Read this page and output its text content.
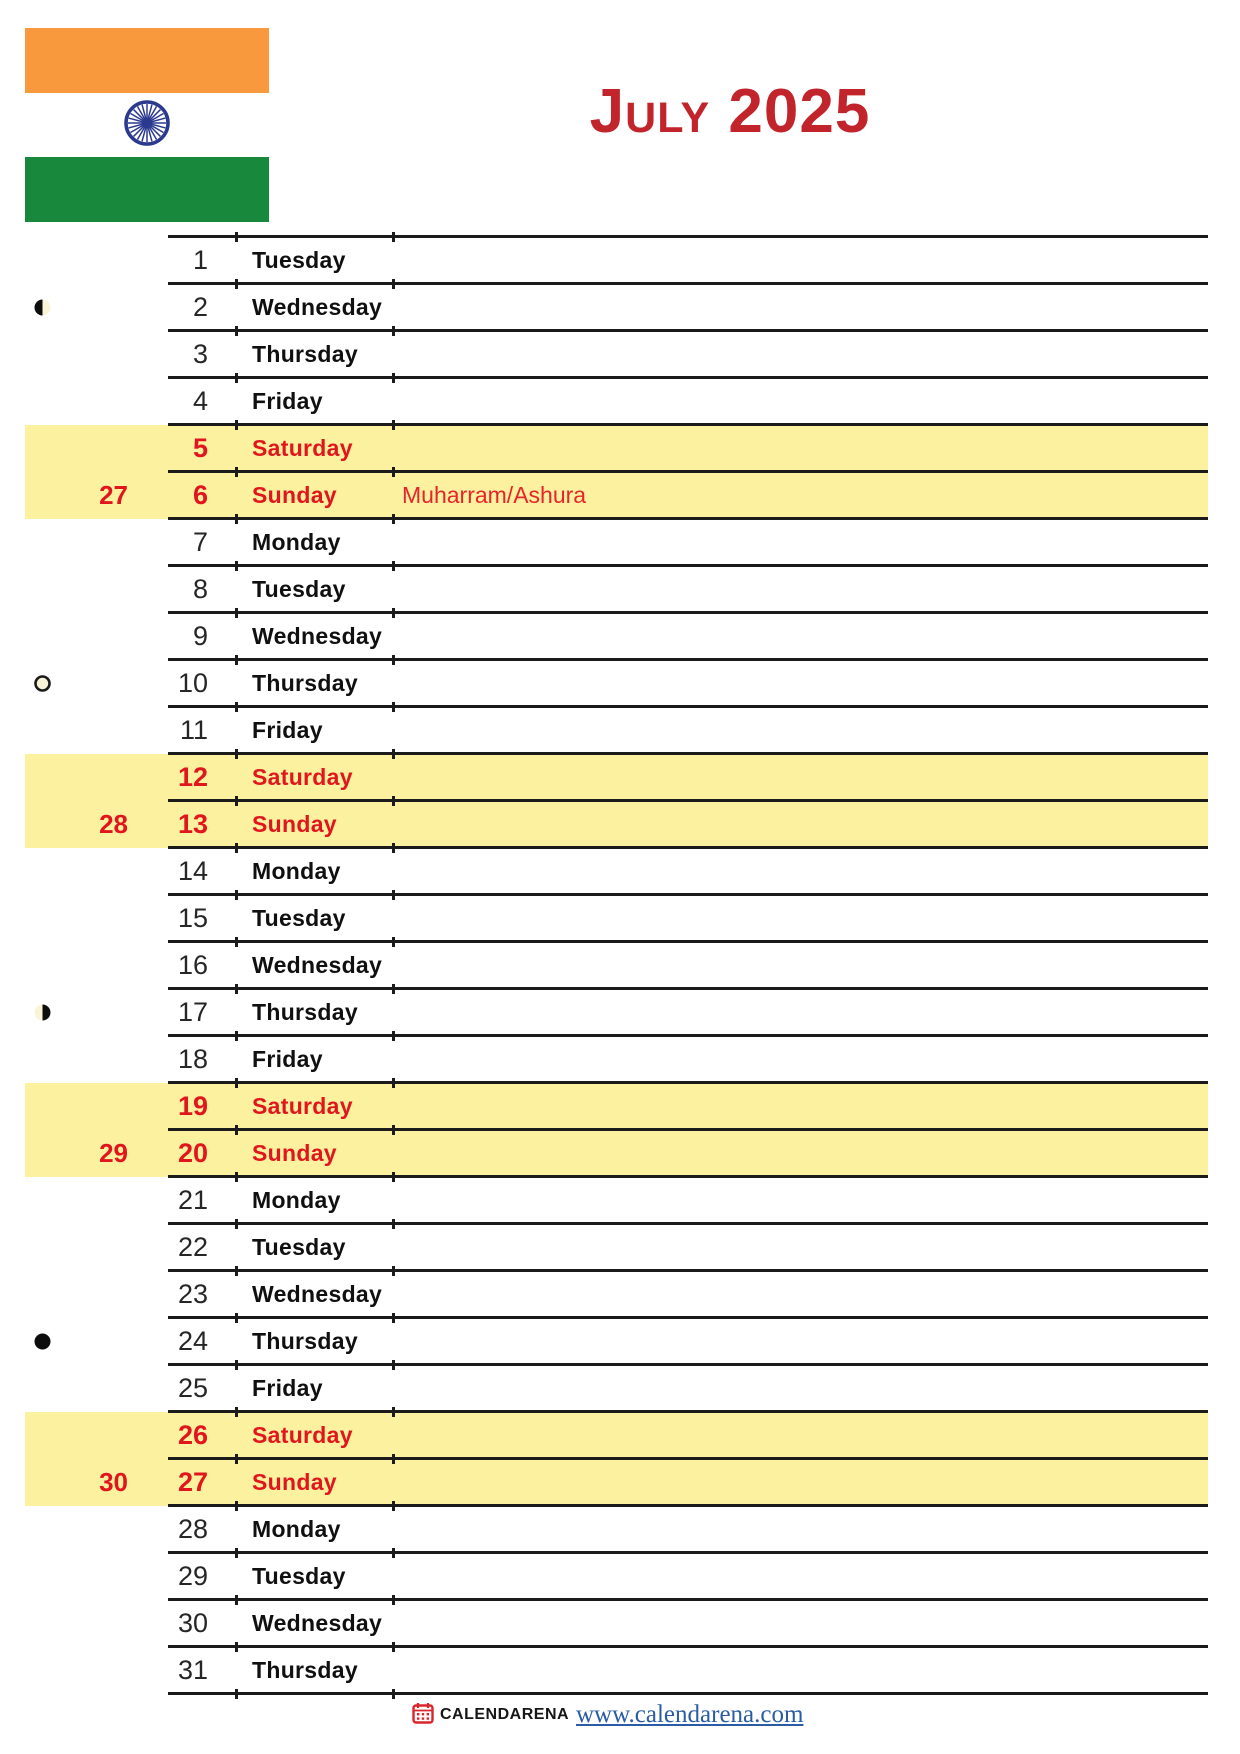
July 2025
1 Tuesday
2 Wednesday
3 Thursday
4 Friday
5 Saturday
27	6 Sunday	Muharram/Ashura
7 Monday
8 Tuesday
9 Wednesday
10 Thursday
11 Friday
12 Saturday
28	13 Sunday
14 Monday
15 Tuesday
16 Wednesday
17 Thursday
18 Friday
19 Saturday
29	20 Sunday
21 Monday
22 Tuesday
23 Wednesday
24 Thursday
25 Friday
26 Saturday
30	27 Sunday
28 Monday
29 Tuesday
30 Wednesday
31 Thursday
CALENDARENA www.calendarena.com
